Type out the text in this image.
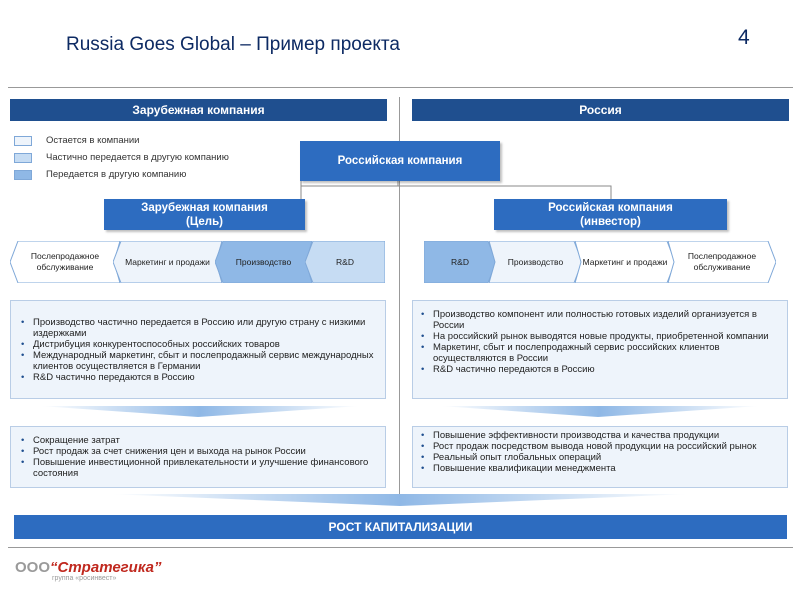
Russia Goes Global – Пример проекта	4
Зарубежная компания	Россия
Остается в компании
Частично передается в другую компанию
Передается в другую компанию
Российская компания
Зарубежная компания
(Цель)
Российская компания
(инвестор)
Послепродажное обслуживание
Маркетинг и продажи	Производство	R&D	R&D	Производство Маркетинг и продажи
Послепродажное обслуживание
• Производство частично передается в Россию или другую страну с низкими издержками
• Дистрибуция конкурентоспособных российских товаров
• Международный маркетинг, сбыт и послепродажный сервис международных клиентов осуществляется в Германии
• R&D частично передаются в Россию
• Производство компонент или полностью готовых изделий организуется в России
• На российский рынок выводятся новые продукты, приобретенной компании
• Маркетинг, сбыт и послепродажный сервис российских клиентов осуществляются в России
• R&D частично передаются в Россию
• Сокращение затрат
• Рост продаж за счет снижения цен и выхода на рынок России
• Повышение инвестиционной привлекательности и улучшение финансового состояния
• Повышение эффективности производства и качества продукции
• Рост продаж посредством вывода новой продукции на российский рынок
• Реальный опыт глобальных операций
• Повышение квалификации менеджмента
РОСТ КАПИТАЛИЗАЦИИ
ООО “Стратегика”
группа «росинвест»
